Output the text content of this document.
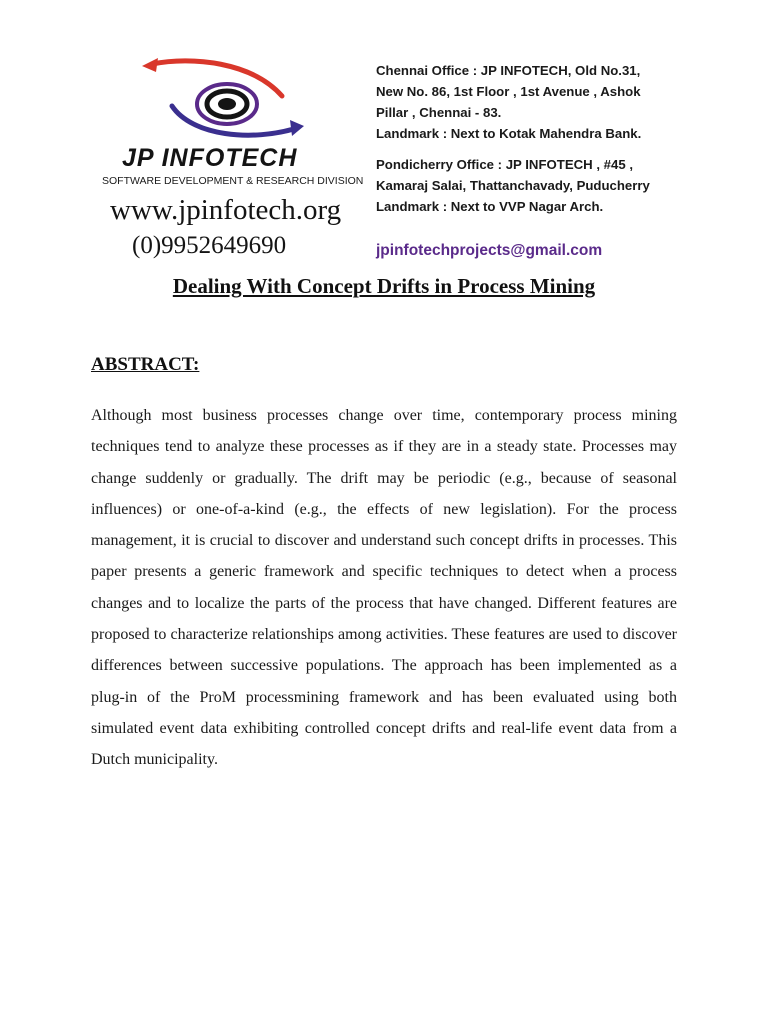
JP INFOTECH
SOFTWARE DEVELOPMENT & RESEARCH DIVISION
www.jpinfotech.org
(0)9952649690
Chennai Office : JP INFOTECH, Old No.31,
New No. 86, 1st Floor , 1st Avenue , Ashok
Pillar , Chennai - 83.
Landmark : Next to Kotak Mahendra Bank.
Pondicherry Office : JP INFOTECH , #45 ,
Kamaraj Salai, Thattanchavady, Puducherry
Landmark : Next to VVP Nagar Arch.
jpinfotechprojects@gmail.com
Dealing With Concept Drifts in Process Mining
ABSTRACT:
Although most business processes change over time, contemporary process mining techniques tend to analyze these processes as if they are in a steady state. Processes may change suddenly or gradually. The drift may be periodic (e.g., because of seasonal influences) or one-of-a-kind (e.g., the effects of new legislation). For the process management, it is crucial to discover and understand such concept drifts in processes. This paper presents a generic framework and specific techniques to detect when a process changes and to localize the parts of the process that have changed. Different features are proposed to characterize relationships among activities. These features are used to discover differences between successive populations. The approach has been implemented as a plug-in of the ProM processmining framework and has been evaluated using both simulated event data exhibiting controlled concept drifts and real-life event data from a Dutch municipality.
